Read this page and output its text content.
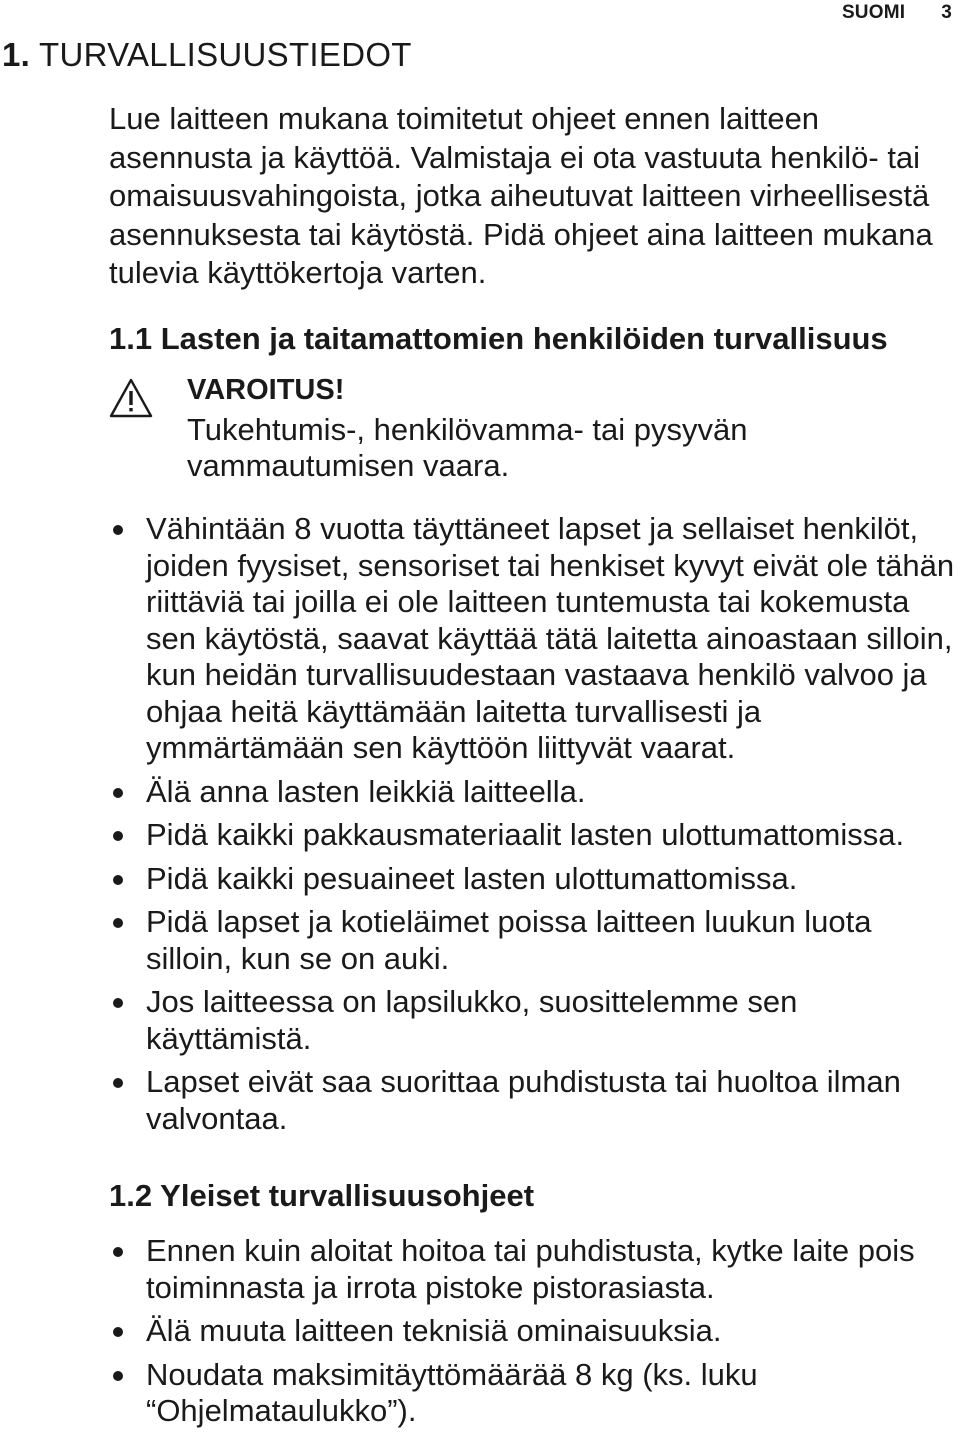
SUOMI 3
1. TURVALLISUUSTIEDOT

Lue laitteen mukana toimitetut ohjeet ennen laitteen asennusta ja käyttöä. Valmistaja ei ota vastuuta henkilö- tai omaisuusvahingoista, jotka aiheutuvat laitteen virheellisestä asennuksesta tai käytöstä. Pidä ohjeet aina laitteen mukana tulevia käyttökertoja varten.

1.1 Lasten ja taitamattomien henkilöiden turvallisuus
VAROITUS!

Tukehtumis-, henkilövamma- tai pysyvän vammautumisen vaara.

Vähintään 8 vuotta täyttäneet lapset ja sellaiset henkilöt, joiden fyysiset, sensoriset tai henkiset kyvyt eivät ole tähän riittäviä tai joilla ei ole laitteen tuntemusta tai kokemusta sen käytöstä, saavat käyttää tätä laitetta ainoastaan silloin, kun heidän turvallisuudestaan vastaava henkilö valvoo ja ohjaa heitä käyttämään laitetta turvallisesti ja ymmärtämään sen käyttöön liittyvät vaarat.
Älä anna lasten leikkiä laitteella.
Pidä kaikki pakkausmateriaalit lasten ulottumattomissa.
Pidä kaikki pesuaineet lasten ulottumattomissa.
Pidä lapset ja kotieläimet poissa laitteen luukun luota silloin, kun se on auki.
Jos laitteessa on lapsilukko, suosittelemme sen käyttämistä.
Lapset eivät saa suorittaa puhdistusta tai huoltoa ilman valvontaa.
1.2 Yleiset turvallisuusohjeet
Ennen kuin aloitat hoitoa tai puhdistusta, kytke laite pois toiminnasta ja irrota pistoke pistorasiasta.
Älä muuta laitteen teknisiä ominaisuuksia.
Noudata maksimitäyttömäärää 8 kg (ks. luku “Ohjelmataulukko”).
